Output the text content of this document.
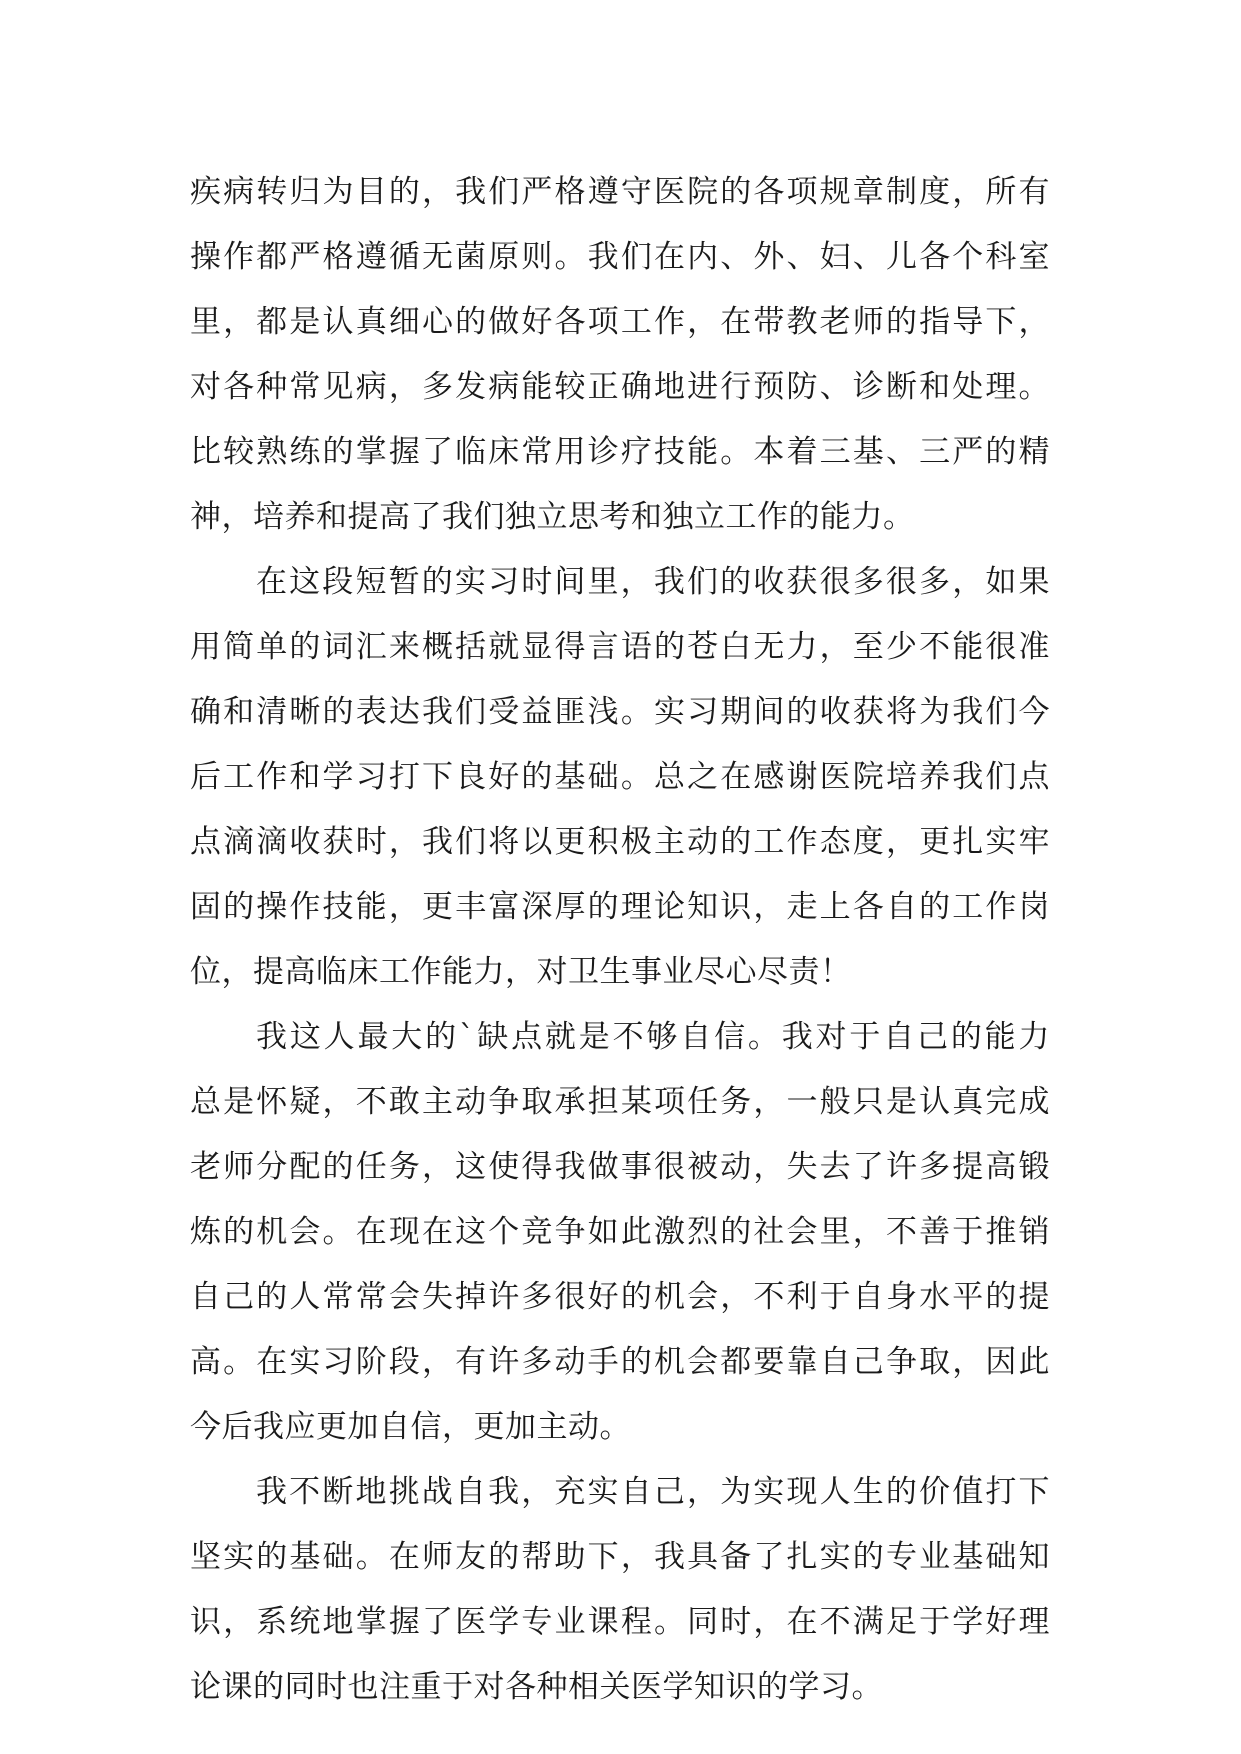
疾病转归为目的，我们严格遵守医院的各项规章制度，所有
操作都严格遵循无菌原则。我们在内、外、妇、儿各个科室
里，都是认真细心的做好各项工作，在带教老师的指导下，
对各种常见病，多发病能较正确地进行预防、诊断和处理。
比较熟练的掌握了临床常用诊疗技能。本着三基、三严的精
神，培养和提高了我们独立思考和独立工作的能力。
在这段短暂的实习时间里，我们的收获很多很多，如果
用简单的词汇来概括就显得言语的苍白无力，至少不能很准
确和清晰的表达我们受益匪浅。实习期间的收获将为我们今
后工作和学习打下良好的基础。总之在感谢医院培养我们点
点滴滴收获时，我们将以更积极主动的工作态度，更扎实牢
固的操作技能，更丰富深厚的理论知识，走上各自的工作岗
位，提高临床工作能力，对卫生事业尽心尽责！
我这人最大的`缺点就是不够自信。我对于自己的能力
总是怀疑，不敢主动争取承担某项任务，一般只是认真完成
老师分配的任务，这使得我做事很被动，失去了许多提高锻
炼的机会。在现在这个竞争如此激烈的社会里，不善于推销
自己的人常常会失掉许多很好的机会，不利于自身水平的提
高。在实习阶段，有许多动手的机会都要靠自己争取，因此
今后我应更加自信，更加主动。
我不断地挑战自我，充实自己，为实现人生的价值打下
坚实的基础。在师友的帮助下，我具备了扎实的专业基础知
识，系统地掌握了医学专业课程。同时，在不满足于学好理
论课的同时也注重于对各种相关医学知识的学习。
